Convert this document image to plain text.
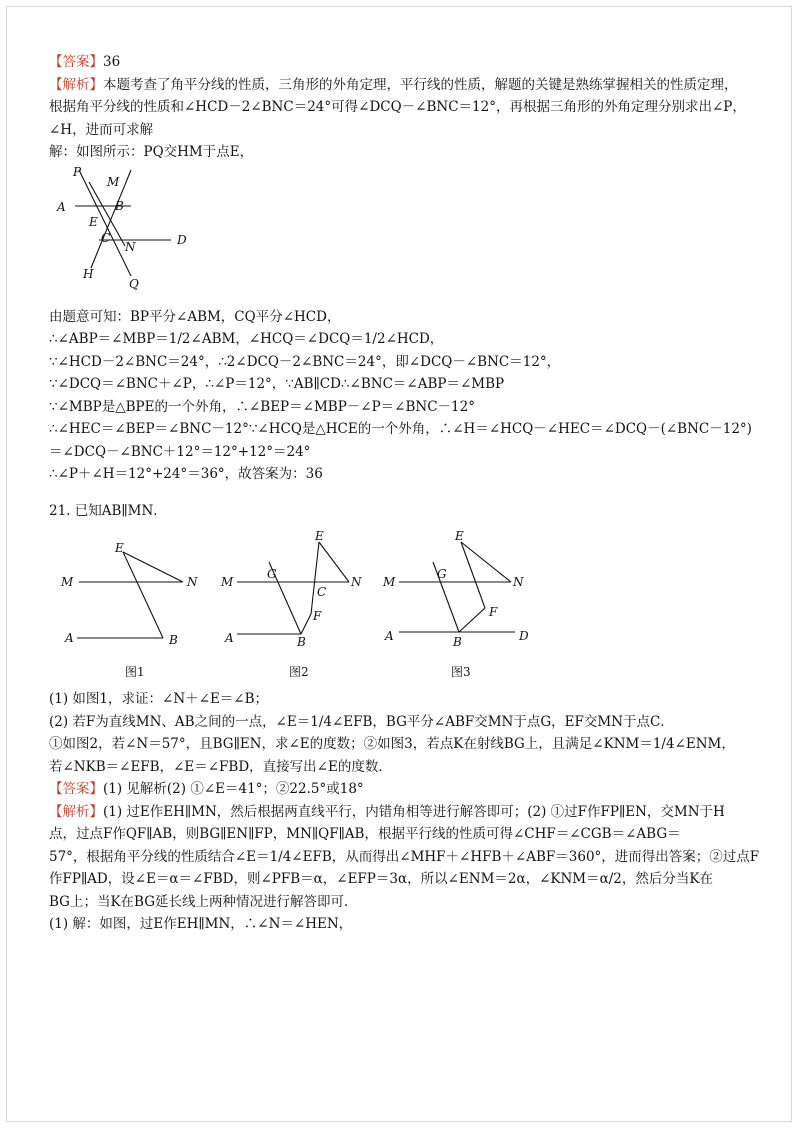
【答案】36
【解析】本题考查了角平分线的性质，三角形的外角定理，平行线的性质，解题的关键是熟练掌握相关的性质定理，
根据角平分线的性质和∠HCD－2∠BNC＝24°可得∠DCQ－∠BNC＝12°，再根据三角形的外角定理分别求出∠P，
∠H，进而可求解
解：如图所示：PQ交HM于点E，
P
M
A	B
E
C
N	D
H
Q
由题意可知：BP平分∠ABM，CQ平分∠HCD，
∴∠ABP＝∠MBP＝1/2∠ABM，∠HCQ＝∠DCQ＝1/2∠HCD，
∵∠HCD－2∠BNC＝24°，∴2∠DCQ－2∠BNC＝24°，即∠DCQ－∠BNC＝12°，
∵∠DCQ＝∠BNC＋∠P，∴∠P＝12°，∵AB∥CD∴∠BNC＝∠ABP＝∠MBP
∵∠MBP是△BPE的一个外角，∴∠BEP＝∠MBP－∠P＝∠BNC－12°
∴∠HEC＝∠BEP＝∠BNC－12°∵∠HCQ是△HCE的一个外角，∴∠H＝∠HCQ－∠HEC＝∠DCQ－(∠BNC－12°)
＝∠DCQ－∠BNC＋12°＝12°+12°＝24°
∴∠P＋∠H＝12°+24°＝36°，故答案为：36
21. 已知AB∥MN．
E
M	N
A	B
图1
E
M
G
N
C
F
A	B
图2
E
M
G
N
F
A	B	D
图3
(1) 如图1，求证：∠N＋∠E＝∠B；
(2) 若F为直线MN、AB之间的一点，∠E＝1/4∠EFB，BG平分∠ABF交MN于点G，EF交MN于点C．
①如图2，若∠N＝57°，且BG∥EN，求∠E的度数；②如图3，若点K在射线BG上，且满足∠KNM＝1/4∠ENM，
若∠NKB＝∠EFB，∠E＝∠FBD，直接写出∠E的度数．
【答案】(1) 见解析(2) ①∠E＝41°；②22.5°或18°
【解析】(1) 过E作EH∥MN，然后根据两直线平行，内错角相等进行解答即可；(2) ①过F作FP∥EN，交MN于H
点，过点F作QF∥AB，则BG∥EN∥FP，MN∥QF∥AB，根据平行线的性质可得∠CHF＝∠CGB＝∠ABG＝
57°，根据角平分线的性质结合∠E＝1/4∠EFB，从而得出∠MHF＋∠HFB＋∠ABF＝360°，进而得出答案；②过点F
作FP∥AD，设∠E＝α＝∠FBD，则∠PFB＝α，∠EFP＝3α，所以∠ENM＝2α，∠KNM＝α/2，然后分当K在
BG上；当K在BG延长线上两种情况进行解答即可．
(1) 解：如图，过E作EH∥MN，∴∠N＝∠HEN，
